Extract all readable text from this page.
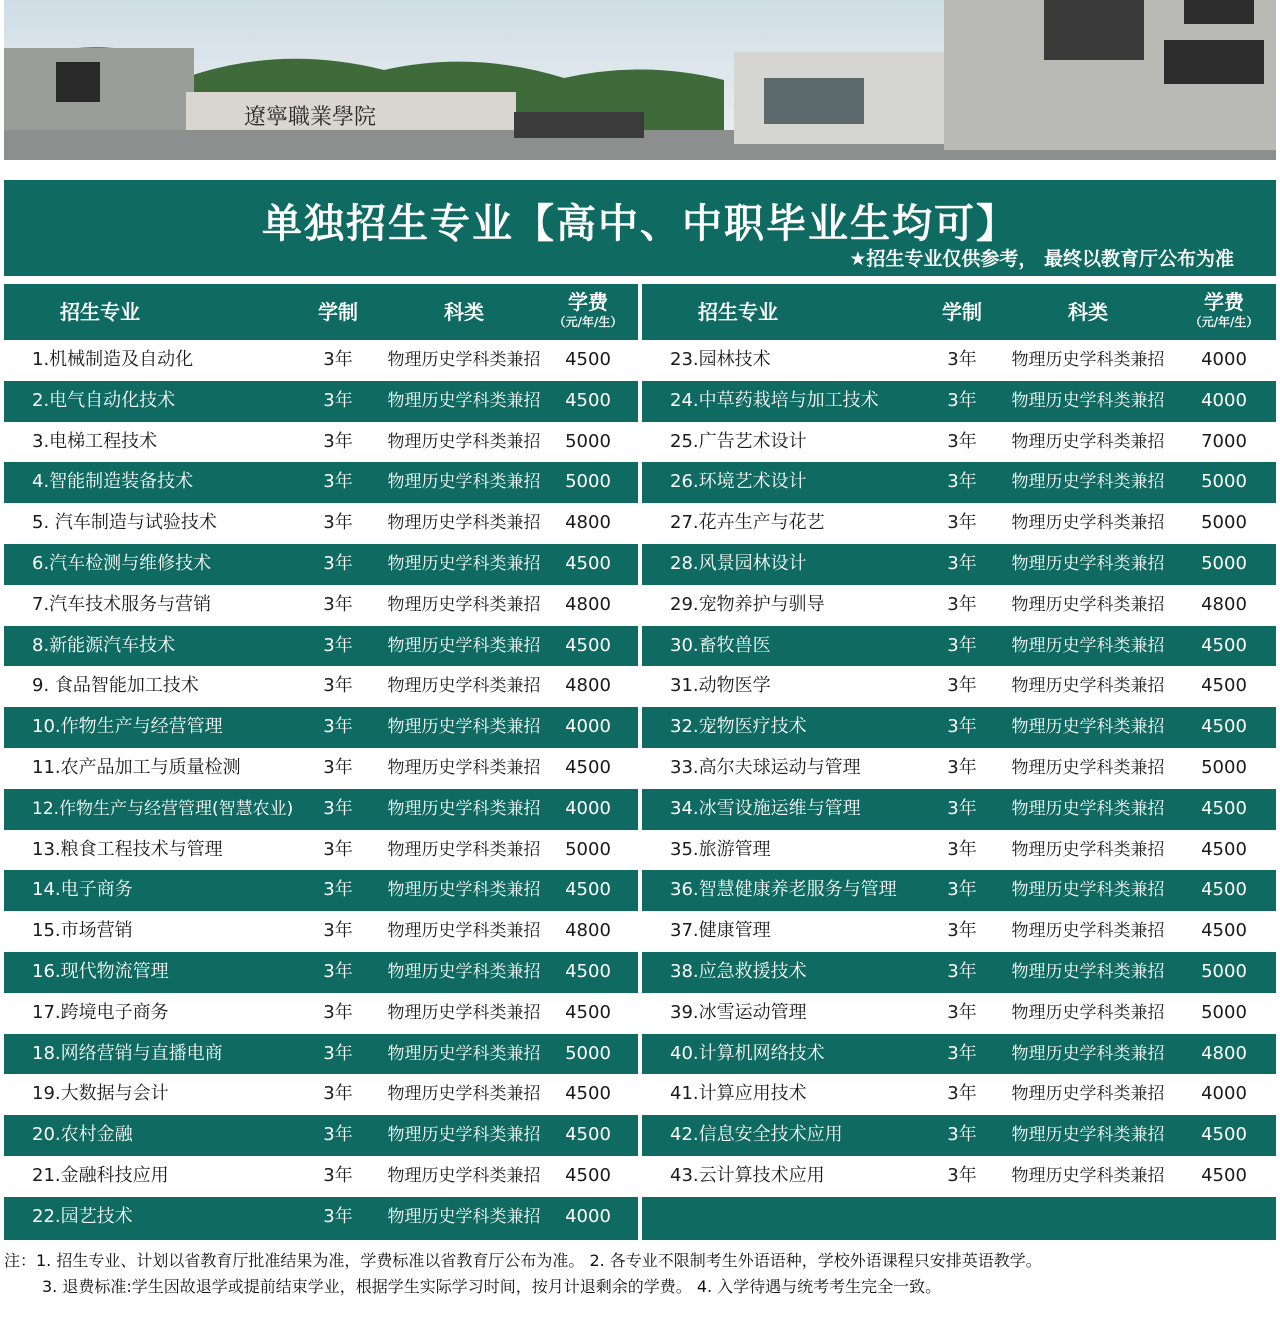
遼寧職業學院
单独招生专业【高中、中职毕业生均可】
★招生专业仅供参考， 最终以教育厅公布为准
招生专业	学制	科类	学费
（元/年/生）
1.机械制造及自动化	3年	物理历史学科类兼招	4500
2.电气自动化技术	3年	物理历史学科类兼招	4500
3.电梯工程技术	3年	物理历史学科类兼招	5000
4.智能制造装备技术	3年	物理历史学科类兼招	5000
5. 汽车制造与试验技术	3年	物理历史学科类兼招	4800
6.汽车检测与维修技术	3年	物理历史学科类兼招	4500
7.汽车技术服务与营销	3年	物理历史学科类兼招	4800
8.新能源汽车技术	3年	物理历史学科类兼招	4500
9. 食品智能加工技术	3年	物理历史学科类兼招	4800
10.作物生产与经营管理	3年	物理历史学科类兼招	4000
11.农产品加工与质量检测	3年	物理历史学科类兼招	4500
12.作物生产与经营管理(智慧农业)	3年	物理历史学科类兼招	4000
13.粮食工程技术与管理	3年	物理历史学科类兼招	5000
14.电子商务	3年	物理历史学科类兼招	4500
15.市场营销	3年	物理历史学科类兼招	4800
16.现代物流管理	3年	物理历史学科类兼招	4500
17.跨境电子商务	3年	物理历史学科类兼招	4500
18.网络营销与直播电商	3年	物理历史学科类兼招	5000
19.大数据与会计	3年	物理历史学科类兼招	4500
20.农村金融	3年	物理历史学科类兼招	4500
21.金融科技应用	3年	物理历史学科类兼招	4500
22.园艺技术	3年	物理历史学科类兼招	4000
招生专业	学制	科类	学费
（元/年/生）
23.园林技术	3年	物理历史学科类兼招	4000
24.中草药栽培与加工技术	3年	物理历史学科类兼招	4000
25.广告艺术设计	3年	物理历史学科类兼招	7000
26.环境艺术设计	3年	物理历史学科类兼招	5000
27.花卉生产与花艺	3年	物理历史学科类兼招	5000
28.风景园林设计	3年	物理历史学科类兼招	5000
29.宠物养护与驯导	3年	物理历史学科类兼招	4800
30.畜牧兽医	3年	物理历史学科类兼招	4500
31.动物医学	3年	物理历史学科类兼招	4500
32.宠物医疗技术	3年	物理历史学科类兼招	4500
33.高尔夫球运动与管理	3年	物理历史学科类兼招	5000
34.冰雪设施运维与管理	3年	物理历史学科类兼招	4500
35.旅游管理	3年	物理历史学科类兼招	4500
36.智慧健康养老服务与管理	3年	物理历史学科类兼招	4500
37.健康管理	3年	物理历史学科类兼招	4500
38.应急救援技术	3年	物理历史学科类兼招	5000
39.冰雪运动管理	3年	物理历史学科类兼招	5000
40.计算机网络技术	3年	物理历史学科类兼招	4800
41.计算应用技术	3年	物理历史学科类兼招	4000
42.信息安全技术应用	3年	物理历史学科类兼招	4500
43.云计算技术应用	3年	物理历史学科类兼招	4500
注：1. 招生专业、计划以省教育厅批准结果为准，学费标准以省教育厅公布为准。 2. 各专业不限制考生外语语种，学校外语课程只安排英语教学。
3. 退费标准:学生因故退学或提前结束学业，根据学生实际学习时间，按月计退剩余的学费。 4. 入学待遇与统考考生完全一致。
